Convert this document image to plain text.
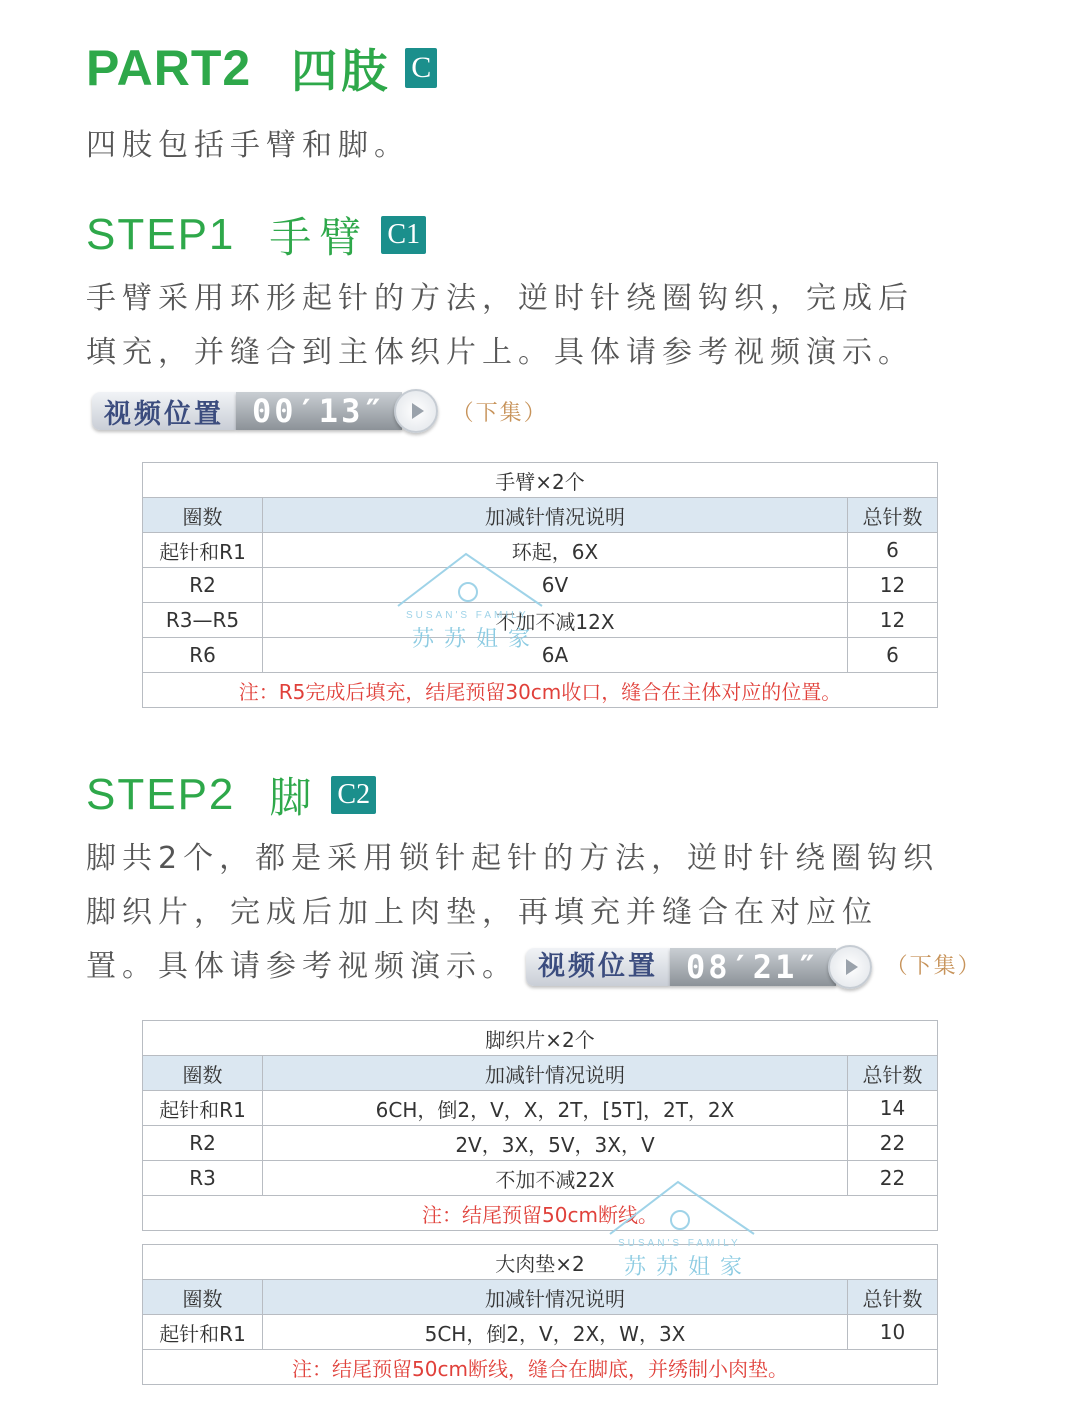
PART2 四肢 C
四肢包括手臂和脚。
STEP1 手臂 C1
手臂采用环形起针的方法，逆时针绕圈钩织，完成后
填充，并缝合到主体织片上。具体请参考视频演示。
视频位置 00′13″	（下集）
手臂×2个		
圈数	加减针情况说明	总针数
起针和R1	环起，6X	6
R2	6V	12
R3—R5	不加不减12X	12
R6	6A	6
注：R5完成后填充，结尾预留30cm收口，缝合在主体对应的位置。		
SUSAN'S FAMILY
苏苏姐家
STEP2 脚 C2
脚共2个，都是采用锁针起针的方法，逆时针绕圈钩织
脚织片，完成后加上肉垫，再填充并缝合在对应位
置。具体请参考视频演示。 视频位置 08′21″	（下集）
脚织片×2个		
圈数	加减针情况说明	总针数
起针和R1	6CH，倒2，V，X，2T，[5T]，2T，2X	14
R2	2V，3X，5V，3X，V	22
R3	不加不减22X	22
注：结尾预留50cm断线。		
大肉垫×2		
圈数	加减针情况说明	总针数
起针和R1	5CH，倒2，V，2X，W，3X	10
注：结尾预留50cm断线，缝合在脚底，并绣制小肉垫。		
SUSAN'S FAMILY
苏苏姐家
